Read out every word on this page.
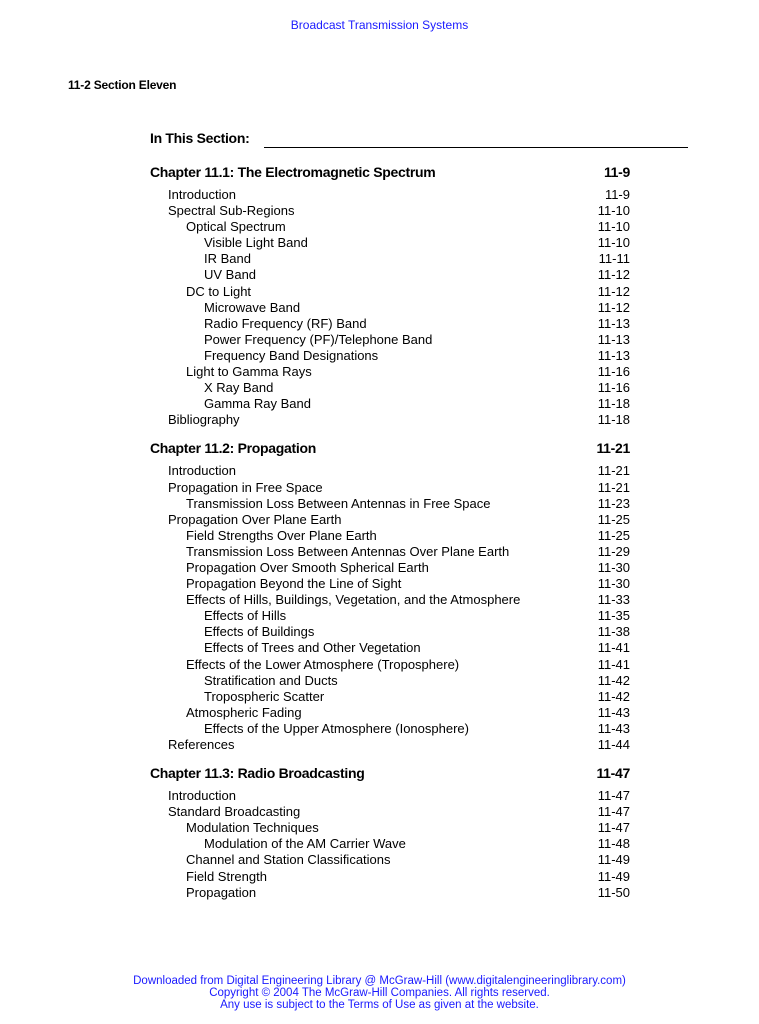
Broadcast Transmission Systems
11-2 Section Eleven
In This Section:
Chapter 11.1: The Electromagnetic Spectrum	11-9
Introduction	11-9
Spectral Sub-Regions	11-10
Optical Spectrum	11-10
Visible Light Band	11-10
IR Band	11-11
UV Band	11-12
DC to Light	11-12
Microwave Band	11-12
Radio Frequency (RF) Band	11-13
Power Frequency (PF)/Telephone Band	11-13
Frequency Band Designations	11-13
Light to Gamma Rays	11-16
X Ray Band	11-16
Gamma Ray Band	11-18
Bibliography	11-18
Chapter 11.2: Propagation	11-21
Introduction	11-21
Propagation in Free Space	11-21
Transmission Loss Between Antennas in Free Space	11-23
Propagation Over Plane Earth	11-25
Field Strengths Over Plane Earth	11-25
Transmission Loss Between Antennas Over Plane Earth	11-29
Propagation Over Smooth Spherical Earth	11-30
Propagation Beyond the Line of Sight	11-30
Effects of Hills, Buildings, Vegetation, and the Atmosphere	11-33
Effects of Hills	11-35
Effects of Buildings	11-38
Effects of Trees and Other Vegetation	11-41
Effects of the Lower Atmosphere (Troposphere)	11-41
Stratification and Ducts	11-42
Tropospheric Scatter	11-42
Atmospheric Fading	11-43
Effects of the Upper Atmosphere (Ionosphere)	11-43
References	11-44
Chapter 11.3: Radio Broadcasting	11-47
Introduction	11-47
Standard Broadcasting	11-47
Modulation Techniques	11-47
Modulation of the AM Carrier Wave	11-48
Channel and Station Classifications	11-49
Field Strength	11-49
Propagation	11-50
Downloaded from Digital Engineering Library @ McGraw-Hill (www.digitalengineeringlibrary.com)
Copyright © 2004 The McGraw-Hill Companies. All rights reserved.
Any use is subject to the Terms of Use as given at the website.
